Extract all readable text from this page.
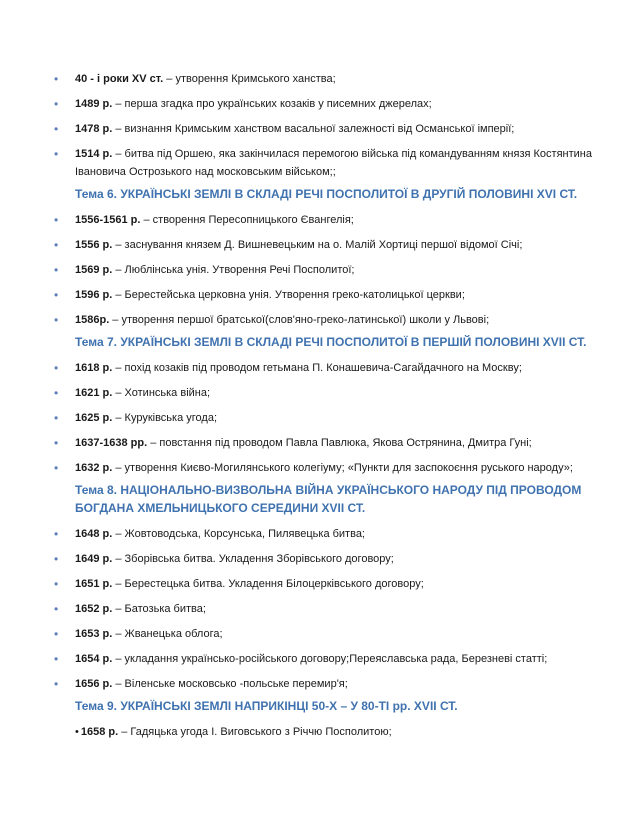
• 40 - і роки XV ст. – утворення Кримського ханства;
• 1489 р. – перша згадка про українських козаків у писемних джерелах;
• 1478 р. – визнання Кримським ханством васальної залежності від Османської імперії;
• 1514 р. – битва під Оршею, яка закінчилася перемогою війська під командуванням князя Костянтина Івановича Острозького над московським військом;;
Тема 6. УКРАЇНСЬКІ ЗЕМЛІ В СКЛАДІ РЕЧІ ПОСПОЛИТОЇ В ДРУГІЙ ПОЛОВИНІ XVI СТ.
• 1556-1561 р. – створення Пересопницького Євангелія;
• 1556 р. – заснування князем Д. Вишневецьким на о. Малій Хортиці першої відомої Січі;
• 1569 р. – Люблінська унія. Утворення Речі Посполитої;
• 1596 р. – Берестейська церковна унія. Утворення греко-католицької церкви;
• 1586р. – утворення першої братської(слов'яно-греко-латинської) школи у Львові;
Тема 7. УКРАЇНСЬКІ ЗЕМЛІ В СКЛАДІ РЕЧІ ПОСПОЛИТОЇ В ПЕРШІЙ ПОЛОВИНІ XVII СТ.
• 1618 р. – похід козаків під проводом гетьмана П. Конашевича-Сагайдачного на Москву;
• 1621 р. – Хотинська війна;
• 1625 р. – Куруківська угода;
• 1637-1638 рр. – повстання під проводом Павла Павлюка, Якова Острянина, Дмитра Гуні;
• 1632 р. – утворення Києво-Могилянського колегіуму; «Пункти для заспокоєння руського народу»;
Тема 8. НАЦІОНАЛЬНО-ВИЗВОЛЬНА ВІЙНА УКРАЇНСЬКОГО НАРОДУ ПІД ПРОВОДОМ БОГДАНА ХМЕЛЬНИЦЬКОГО СЕРЕДИНИ XVII СТ.
• 1648 р. – Жовтоводська, Корсунська, Пилявецька битва;
• 1649 р. – Зборівська битва. Укладення Зборівського договору;
• 1651 р. – Берестецька битва. Укладення Білоцерківського договору;
• 1652 р. – Батозька битва;
• 1653 р. – Жванецька облога;
• 1654 р. – укладання українсько-російського договору;Переяславська рада, Березневі статті;
• 1656 р. – Віленське московсько -польське перемир'я;
Тема 9. УКРАЇНСЬКІ ЗЕМЛІ НАПРИКІНЦІ 50-Х – У 80-ТІ рр. XVII СТ.
• 1658 р. – Гадяцька угода І. Виговського з Річчю Посполитою;
